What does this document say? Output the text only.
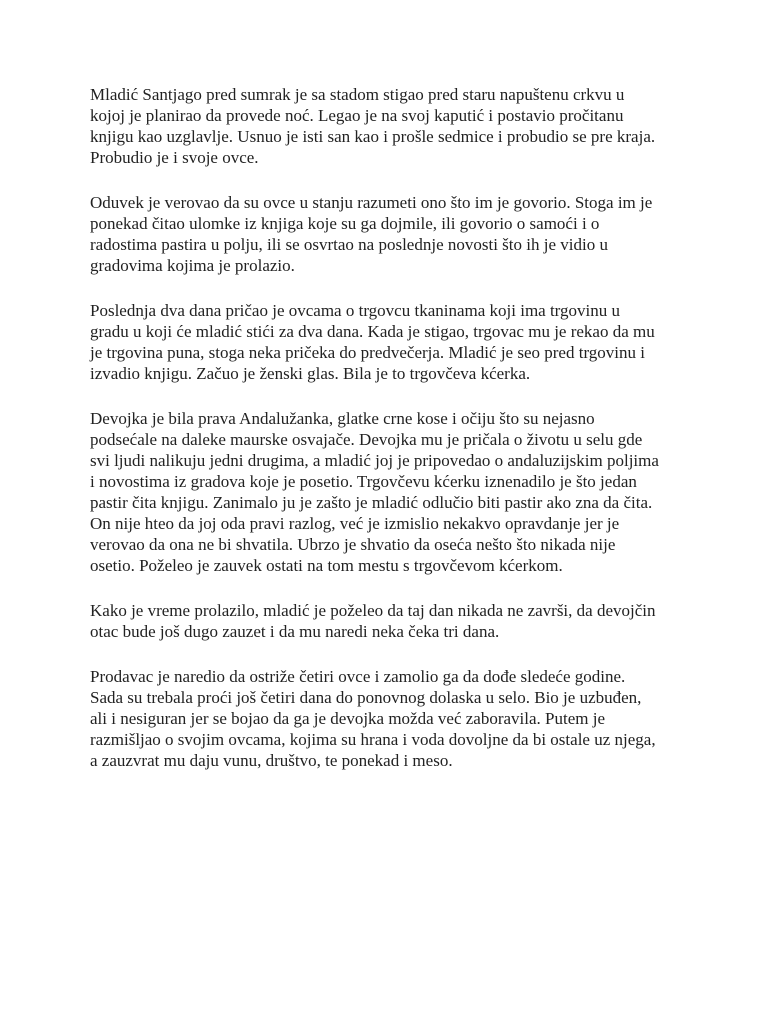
Mladić Santjago pred sumrak je sa stadom stigao pred staru napuštenu crkvu u
kojoj je planirao da provede noć. Legao je na svoj kaputić i postavio pročitanu
knjigu kao uzglavlje. Usnuo je isti san kao i prošle sedmice i probudio se pre kraja.
Probudio je i svoje ovce.

Oduvek je verovao da su ovce u stanju razumeti ono što im je govorio. Stoga im je
ponekad čitao ulomke iz knjiga koje su ga dojmile, ili govorio o samoći i o
radostima pastira u polju, ili se osvrtao na poslednje novosti što ih je vidio u
gradovima kojima je prolazio.

Poslednja dva dana pričao je ovcama o trgovcu tkaninama koji ima trgovinu u
gradu u koji će mladić stići za dva dana. Kada je stigao, trgovac mu je rekao da mu
je trgovina puna, stoga neka pričeka do predvečerja. Mladić je seo pred trgovinu i
izvadio knjigu. Začuo je ženski glas. Bila je to trgovčeva kćerka.

Devojka je bila prava Andalužanka, glatke crne kose i očiju što su nejasno
podsećale na daleke maurske osvajače. Devojka mu je pričala o životu u selu gde
svi ljudi nalikuju jedni drugima, a mladić joj je pripovedao o andaluzijskim poljima
i novostima iz gradova koje je posetio. Trgovčevu kćerku iznenadilo je što jedan
pastir čita knjigu. Zanimalo ju je zašto je mladić odlučio biti pastir ako zna da čita.
On nije hteo da joj oda pravi razlog, već je izmislio nekakvo opravdanje jer je
verovao da ona ne bi shvatila. Ubrzo je shvatio da oseća nešto što nikada nije
osetio. Poželeo je zauvek ostati na tom mestu s trgovčevom kćerkom.

Kako je vreme prolazilo, mladić je poželeo da taj dan nikada ne završi, da devojčin
otac bude još dugo zauzet i da mu naredi neka čeka tri dana.

Prodavac je naredio da ostriže četiri ovce i zamolio ga da dođe sledeće godine.
Sada su trebala proći još četiri dana do ponovnog dolaska u selo. Bio je uzbuđen,
ali i nesiguran jer se bojao da ga je devojka možda već zaboravila. Putem je
razmišljao o svojim ovcama, kojima su hrana i voda dovoljne da bi ostale uz njega,
a zauzvrat mu daju vunu, društvo, te ponekad i meso.
